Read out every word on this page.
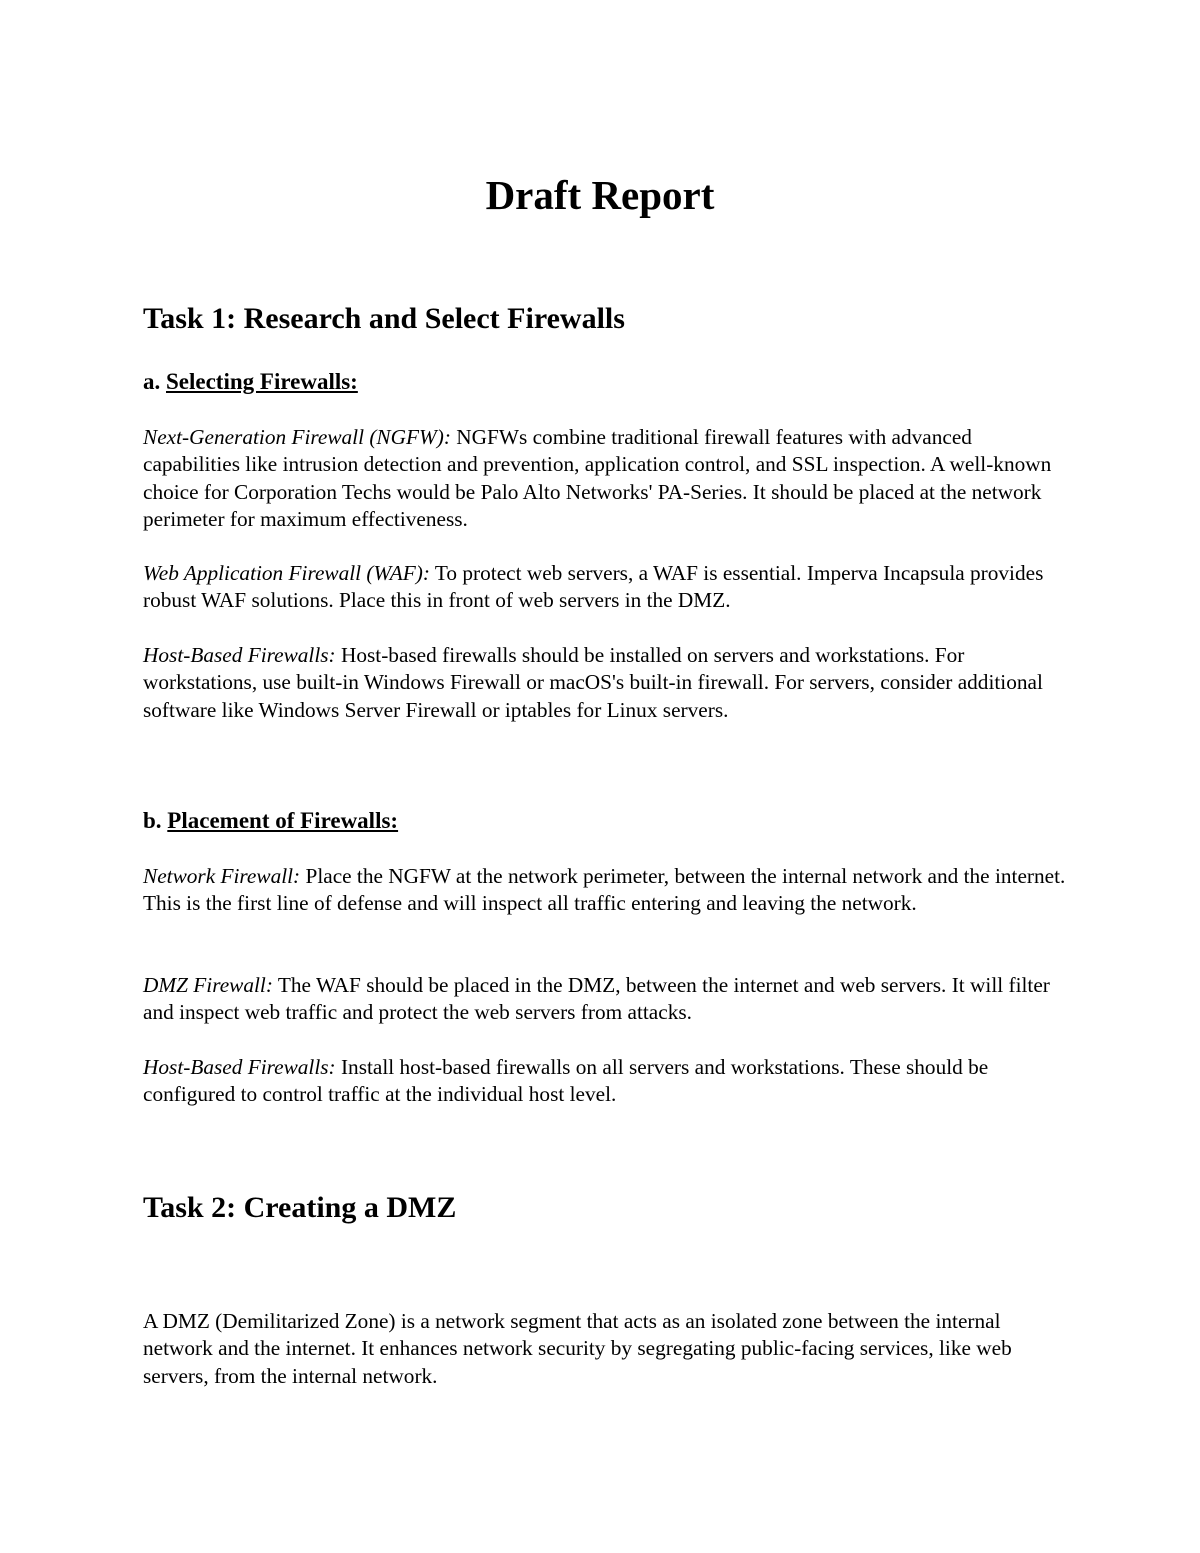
Draft Report
Task 1: Research and Select Firewalls
a. Selecting Firewalls:

Next-Generation Firewall (NGFW): NGFWs combine traditional firewall features with advanced capabilities like intrusion detection and prevention, application control, and SSL inspection. A well-known choice for Corporation Techs would be Palo Alto Networks' PA-Series. It should be placed at the network perimeter for maximum effectiveness.

Web Application Firewall (WAF): To protect web servers, a WAF is essential. Imperva Incapsula provides robust WAF solutions. Place this in front of web servers in the DMZ.

Host-Based Firewalls: Host-based firewalls should be installed on servers and workstations. For workstations, use built-in Windows Firewall or macOS's built-in firewall. For servers, consider additional software like Windows Server Firewall or iptables for Linux servers.

b. Placement of Firewalls:

Network Firewall: Place the NGFW at the network perimeter, between the internal network and the internet. This is the first line of defense and will inspect all traffic entering and leaving the network.

DMZ Firewall: The WAF should be placed in the DMZ, between the internet and web servers. It will filter and inspect web traffic and protect the web servers from attacks.

Host-Based Firewalls: Install host-based firewalls on all servers and workstations. These should be configured to control traffic at the individual host level.

Task 2: Creating a DMZ

A DMZ (Demilitarized Zone) is a network segment that acts as an isolated zone between the internal network and the internet. It enhances network security by segregating public-facing services, like web servers, from the internal network.
